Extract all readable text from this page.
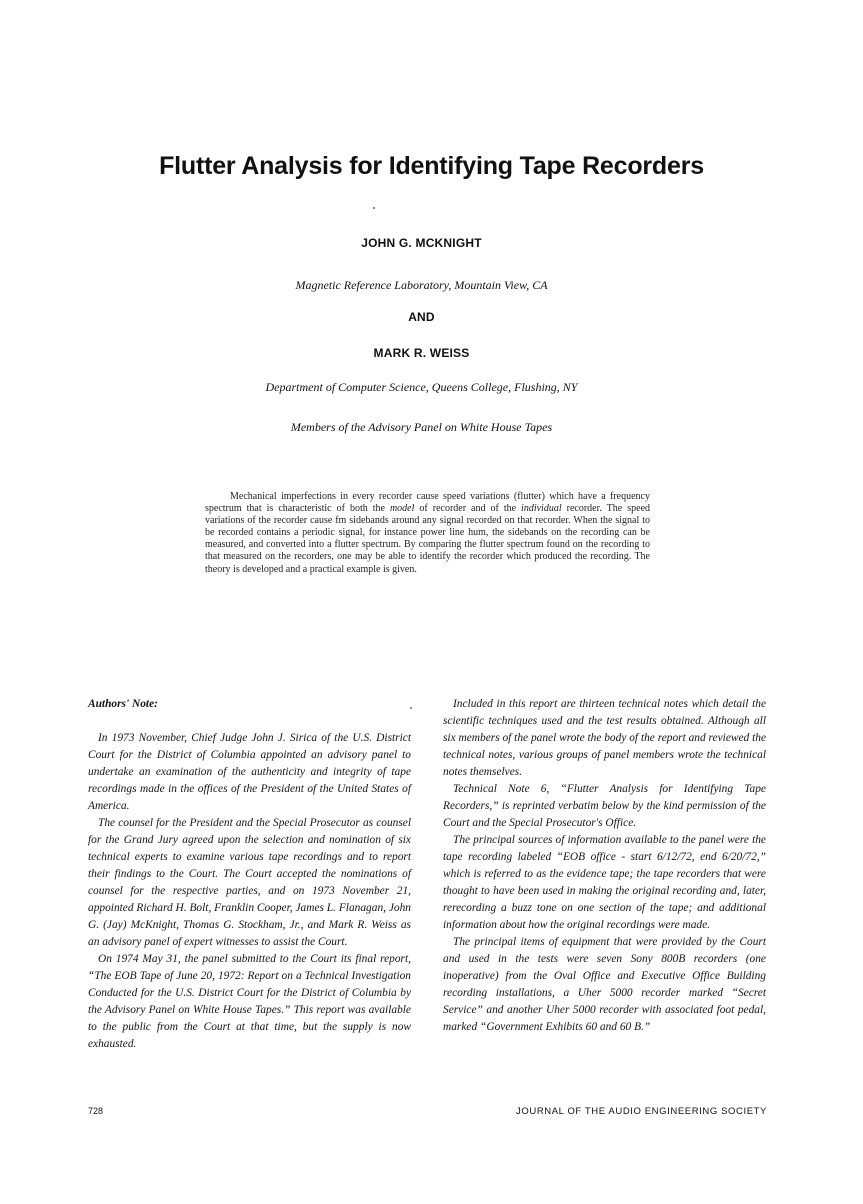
Flutter Analysis for Identifying Tape Recorders
JOHN G. MCKNIGHT
Magnetic Reference Laboratory, Mountain View, CA
AND
MARK R. WEISS
Department of Computer Science, Queens College, Flushing, NY
Members of the Advisory Panel on White House Tapes
Mechanical imperfections in every recorder cause speed variations (flutter) which have a frequency spectrum that is characteristic of both the model of recorder and of the individual recorder. The speed variations of the recorder cause fm sidebands around any signal recorded on that recorder. When the signal to be recorded contains a periodic signal, for instance power line hum, the sidebands on the recording can be measured, and converted into a flutter spectrum. By comparing the flutter spectrum found on the recording to that measured on the recorders, one may be able to identify the recorder which produced the recording. The theory is developed and a practical example is given.

Authors' Note:

In 1973 November, Chief Judge John J. Sirica of the U.S. District Court for the District of Columbia appointed an advisory panel to undertake an examination of the authenticity and integrity of tape recordings made in the offices of the President of the United States of America.

The counsel for the President and the Special Prosecutor as counsel for the Grand Jury agreed upon the selection and nomination of six technical experts to examine various tape recordings and to report their findings to the Court. The Court accepted the nominations of counsel for the respective parties, and on 1973 November 21, appointed Richard H. Bolt, Franklin Cooper, James L. Flanagan, John G. (Jay) McKnight, Thomas G. Stockham, Jr., and Mark R. Weiss as an advisory panel of expert witnesses to assist the Court.

On 1974 May 31, the panel submitted to the Court its final report, “The EOB Tape of June 20, 1972: Report on a Technical Investigation Conducted for the U.S. District Court for the District of Columbia by the Advisory Panel on White House Tapes.” This report was available to the public from the Court at that time, but the supply is now exhausted.

Included in this report are thirteen technical notes which detail the scientific techniques used and the test results obtained. Although all six members of the panel wrote the body of the report and reviewed the technical notes, various groups of panel members wrote the technical notes themselves.

Technical Note 6, “Flutter Analysis for Identifying Tape Recorders,” is reprinted verbatim below by the kind permission of the Court and the Special Prosecutor's Office.

The principal sources of information available to the panel were the tape recording labeled “EOB office - start 6/12/72, end 6/20/72,” which is referred to as the evidence tape; the tape recorders that were thought to have been used in making the original recording and, later, rerecording a buzz tone on one section of the tape; and additional information about how the original recordings were made.

The principal items of equipment that were provided by the Court and used in the tests were seven Sony 800B recorders (one inoperative) from the Oval Office and Executive Office Building recording installations, a Uher 5000 recorder marked “Secret Service” and another Uher 5000 recorder with associated foot pedal, marked “Government Exhibits 60 and 60 B.”

728	JOURNAL OF THE AUDIO ENGINEERING SOCIETY
